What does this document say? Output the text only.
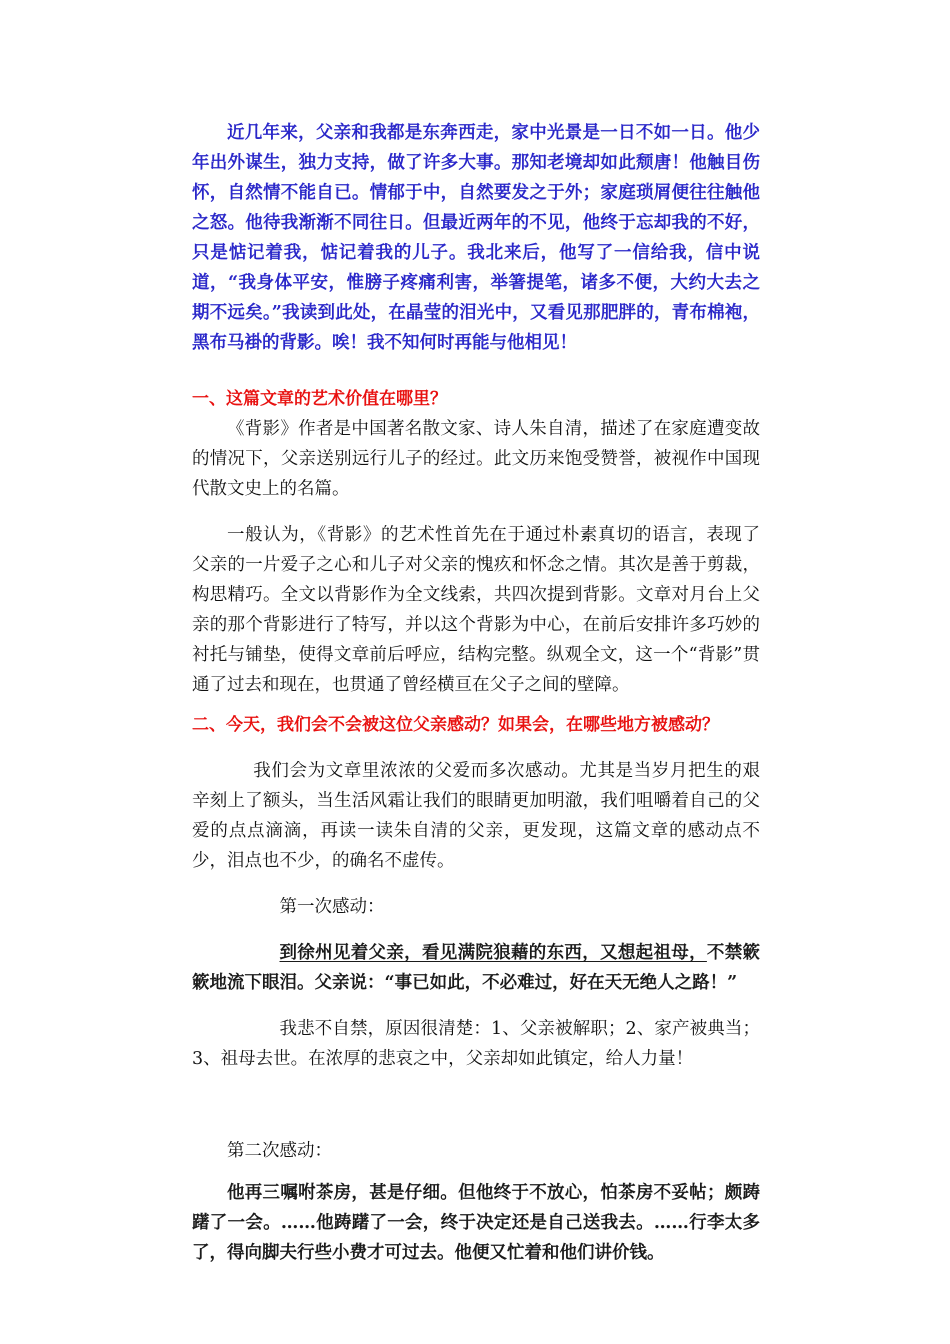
近几年来，父亲和我都是东奔西走，家中光景是一日不如一日。他少年出外谋生，独力支持，做了许多大事。那知老境却如此颓唐！他触目伤怀，自然情不能自已。情郁于中，自然要发之于外；家庭琐屑便往往触他之怒。他待我渐渐不同往日。但最近两年的不见，他终于忘却我的不好，只是惦记着我，惦记着我的儿子。我北来后，他写了一信给我，信中说道，“我身体平安，惟膀子疼痛利害，举箸提笔，诸多不便，大约大去之期不远矣。”我读到此处，在晶莹的泪光中，又看见那肥胖的，青布棉袍，黑布马褂的背影。唉！我不知何时再能与他相见！

一、这篇文章的艺术价值在哪里？

《背影》作者是中国著名散文家、诗人朱自清，描述了在家庭遭变故的情况下，父亲送别远行儿子的经过。此文历来饱受赞誉，被视作中国现代散文史上的名篇。

一般认为，《背影》的艺术性首先在于通过朴素真切的语言，表现了父亲的一片爱子之心和儿子对父亲的愧疚和怀念之情。其次是善于剪裁，构思精巧。全文以背影作为全文线索，共四次提到背影。文章对月台上父亲的那个背影进行了特写，并以这个背影为中心，在前后安排许多巧妙的衬托与铺垫，使得文章前后呼应，结构完整。纵观全文，这一个“背影”贯通了过去和现在，也贯通了曾经横亘在父子之间的壁障。

二、今天，我们会不会被这位父亲感动？如果会，在哪些地方被感动？

我们会为文章里浓浓的父爱而多次感动。尤其是当岁月把生的艰辛刻上了额头，当生活风霜让我们的眼睛更加明澈，我们咀嚼着自己的父爱的点点滴滴，再读一读朱自清的父亲，更发现，这篇文章的感动点不少，泪点也不少，的确名不虚传。

第一次感动：

到徐州见着父亲，看见满院狼藉的东西，又想起祖母，不禁簌簌地流下眼泪。父亲说：“事已如此，不必难过，好在天无绝人之路！”

我悲不自禁，原因很清楚：1、父亲被解职；2、家产被典当；3、祖母去世。在浓厚的悲哀之中，父亲却如此镇定，给人力量！

第二次感动：

他再三嘱咐茶房，甚是仔细。但他终于不放心，怕茶房不妥帖；颇踌躇了一会。……他踌躇了一会，终于决定还是自己送我去。……行李太多了，得向脚夫行些小费才可过去。他便又忙着和他们讲价钱。
